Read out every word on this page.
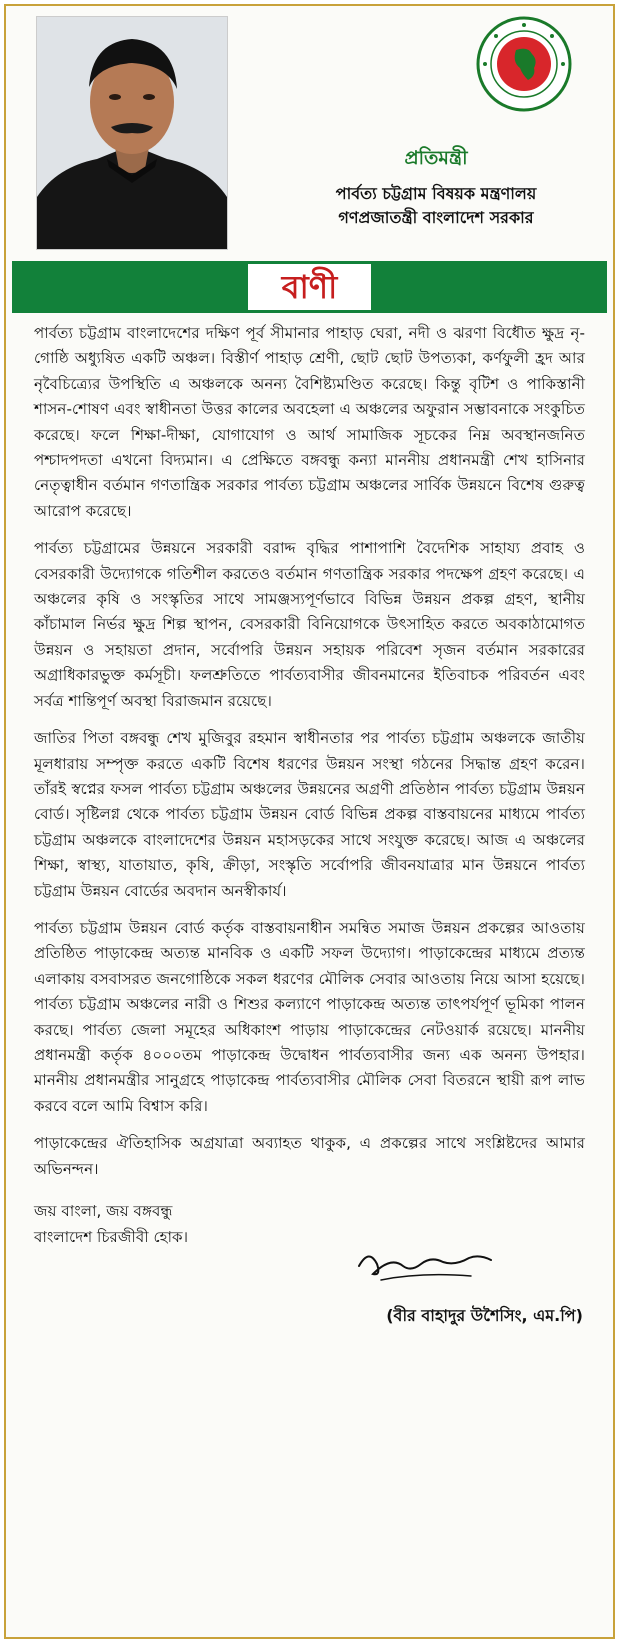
প্রতিমন্ত্রী
পার্বত্য চট্টগ্রাম বিষয়ক মন্ত্রণালয়
গণপ্রজাতন্ত্রী বাংলাদেশ সরকার
বাণী

পার্বত্য চট্টগ্রাম বাংলাদেশের দক্ষিণ পূর্ব সীমানার পাহাড় ঘেরা, নদী ও ঝরণা বিধৌত ক্ষুদ্র নৃ-গোষ্ঠি অধ্যুষিত একটি অঞ্চল। বিস্তীর্ণ পাহাড় শ্রেণী, ছোট ছোট উপত্যকা, কর্ণফুলী হ্রদ আর নৃবৈচিত্র্যের উপস্থিতি এ অঞ্চলকে অনন্য বৈশিষ্ট্যমণ্ডিত করেছে। কিন্তু বৃটিশ ও পাকিস্তানী শাসন-শোষণ এবং স্বাধীনতা উত্তর কালের অবহেলা এ অঞ্চলের অফুরান সম্ভাবনাকে সংকুচিত করেছে। ফলে শিক্ষা-দীক্ষা, যোগাযোগ ও আর্থ সামাজিক সূচকের নিম্ন অবস্থানজনিত পশ্চাদপদতা এখনো বিদ্যমান। এ প্রেক্ষিতে বঙ্গবন্ধু কন্যা মাননীয় প্রধানমন্ত্রী শেখ হাসিনার নেতৃত্বাধীন বর্তমান গণতান্ত্রিক সরকার পার্বত্য চট্টগ্রাম অঞ্চলের সার্বিক উন্নয়নে বিশেষ গুরুত্ব আরোপ করেছে।

পার্বত্য চট্টগ্রামের উন্নয়নে সরকারী বরাদ্দ বৃদ্ধির পাশাপাশি বৈদেশিক সাহায্য প্রবাহ ও বেসরকারী উদ্যোগকে গতিশীল করতেও বর্তমান গণতান্ত্রিক সরকার পদক্ষেপ গ্রহণ করেছে। এ অঞ্চলের কৃষি ও সংস্কৃতির সাথে সামঞ্জস্যপূর্ণভাবে বিভিন্ন উন্নয়ন প্রকল্প গ্রহণ, স্থানীয় কাঁচামাল নির্ভর ক্ষুদ্র শিল্প স্থাপন, বেসরকারী বিনিয়োগকে উৎসাহিত করতে অবকাঠামোগত উন্নয়ন ও সহায়তা প্রদান, সর্বোপরি উন্নয়ন সহায়ক পরিবেশ সৃজন বর্তমান সরকারের অগ্রাধিকারভুক্ত কর্মসূচী। ফলশ্রুতিতে পার্বত্যবাসীর জীবনমানের ইতিবাচক পরিবর্তন এবং সর্বত্র শান্তিপূর্ণ অবস্থা বিরাজমান রয়েছে।

জাতির পিতা বঙ্গবন্ধু শেখ মুজিবুর রহমান স্বাধীনতার পর পার্বত্য চট্টগ্রাম অঞ্চলকে জাতীয় মূলধারায় সম্পৃক্ত করতে একটি বিশেষ ধরণের উন্নয়ন সংস্থা গঠনের সিদ্ধান্ত গ্রহণ করেন। তাঁরই স্বপ্নের ফসল পার্বত্য চট্টগ্রাম অঞ্চলের উন্নয়নের অগ্রণী প্রতিষ্ঠান পার্বত্য চট্টগ্রাম উন্নয়ন বোর্ড। সৃষ্টিলগ্ন থেকে পার্বত্য চট্টগ্রাম উন্নয়ন বোর্ড বিভিন্ন প্রকল্প বাস্তবায়নের মাধ্যমে পার্বত্য চট্টগ্রাম অঞ্চলকে বাংলাদেশের উন্নয়ন মহাসড়কের সাথে সংযুক্ত করেছে। আজ এ অঞ্চলের শিক্ষা, স্বাস্থ্য, যাতায়াত, কৃষি, ক্রীড়া, সংস্কৃতি সর্বোপরি জীবনযাত্রার মান উন্নয়নে পার্বত্য চট্টগ্রাম উন্নয়ন বোর্ডের অবদান অনস্বীকার্য।

পার্বত্য চট্টগ্রাম উন্নয়ন বোর্ড কর্তৃক বাস্তবায়নাধীন সমন্বিত সমাজ উন্নয়ন প্রকল্পের আওতায় প্রতিষ্ঠিত পাড়াকেন্দ্র অত্যন্ত মানবিক ও একটি সফল উদ্যোগ। পাড়াকেন্দ্রের মাধ্যমে প্রত্যন্ত এলাকায় বসবাসরত জনগোষ্ঠিকে সকল ধরণের মৌলিক সেবার আওতায় নিয়ে আসা হয়েছে। পার্বত্য চট্টগ্রাম অঞ্চলের নারী ও শিশুর কল্যাণে পাড়াকেন্দ্র অত্যন্ত তাৎপর্যপূর্ণ ভূমিকা পালন করছে। পার্বত্য জেলা সমূহের অধিকাংশ পাড়ায় পাড়াকেন্দ্রের নেটওয়ার্ক রয়েছে। মাননীয় প্রধানমন্ত্রী কর্তৃক ৪০০০তম পাড়াকেন্দ্র উদ্বোধন পার্বত্যবাসীর জন্য এক অনন্য উপহার। মাননীয় প্রধানমন্ত্রীর সানুগ্রহে পাড়াকেন্দ্র পার্বত্যবাসীর মৌলিক সেবা বিতরনে স্থায়ী রূপ লাভ করবে বলে আমি বিশ্বাস করি।

পাড়াকেন্দ্রের ঐতিহাসিক অগ্রযাত্রা অব্যাহত থাকুক, এ প্রকল্পের সাথে সংশ্লিষ্টদের আমার অভিনন্দন।

জয় বাংলা, জয় বঙ্গবন্ধু
বাংলাদেশ চিরজীবী হোক।
(বীর বাহাদুর উশৈসিং, এম.পি)
